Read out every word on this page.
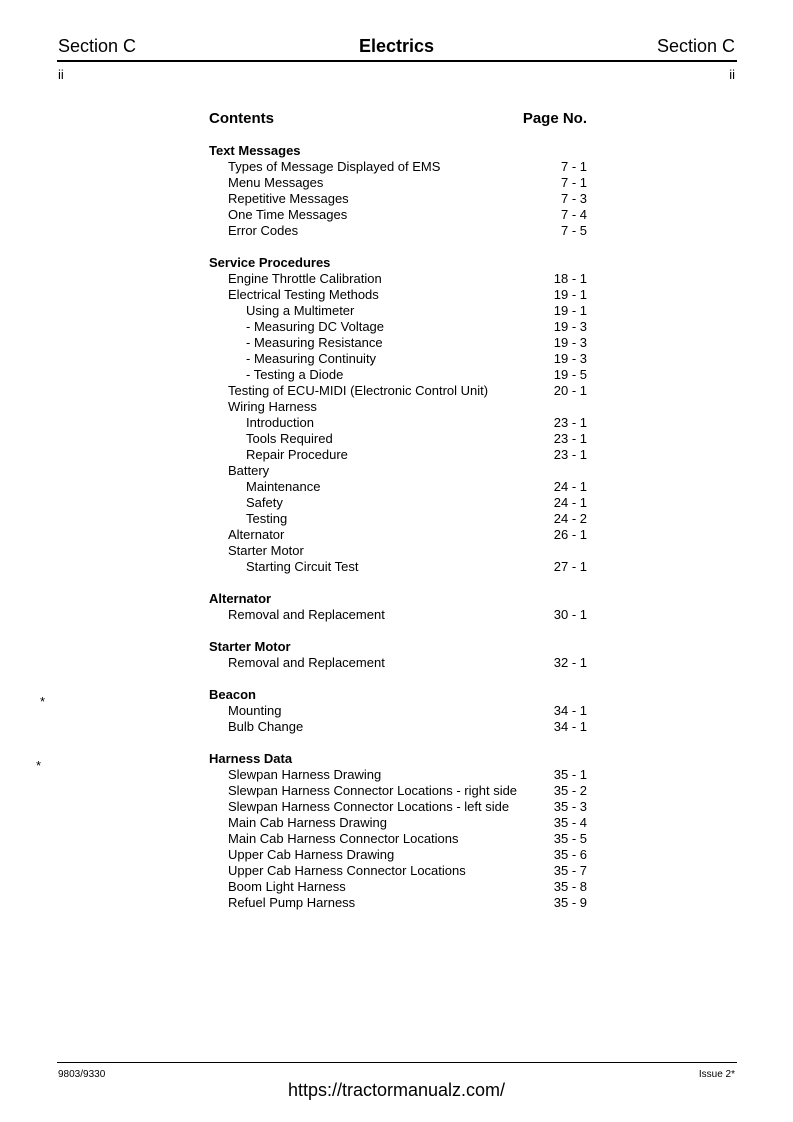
Section C	Electrics	Section C
ii	ii
Contents	Page No.
Text Messages
Types of Message Displayed of EMS	7 - 1
Menu Messages	7 - 1
Repetitive Messages	7 - 3
One Time Messages	7 - 4
Error Codes	7 - 5
Service Procedures
Engine Throttle Calibration	18 - 1
Electrical Testing Methods	19 - 1
Using a Multimeter	19 - 1
- Measuring DC Voltage	19 - 3
- Measuring Resistance	19 - 3
- Measuring Continuity	19 - 3
- Testing a Diode	19 - 5
Testing of ECU-MIDI (Electronic Control Unit)	20 - 1
Wiring Harness
Introduction	23 - 1
Tools Required	23 - 1
Repair Procedure	23 - 1
Battery
Maintenance	24 - 1
Safety	24 - 1
Testing	24 - 2
Alternator	26 - 1
Starter Motor
Starting Circuit Test	27 - 1
Alternator
Removal and Replacement	30 - 1
Starter Motor
Removal and Replacement	32 - 1
Beacon
Mounting	34 - 1
Bulb Change	34 - 1
Harness Data
Slewpan Harness Drawing	35 - 1
Slewpan Harness Connector Locations - right side	35 - 2
Slewpan Harness Connector Locations - left side	35 - 3
Main Cab Harness Drawing	35 - 4
Main Cab Harness Connector Locations	35 - 5
Upper Cab Harness Drawing	35 - 6
Upper Cab Harness Connector Locations	35 - 7
Boom Light Harness	35 - 8
Refuel Pump Harness	35 - 9
*
*
9803/9330	Issue 2*
https://tractormanualz.com/
